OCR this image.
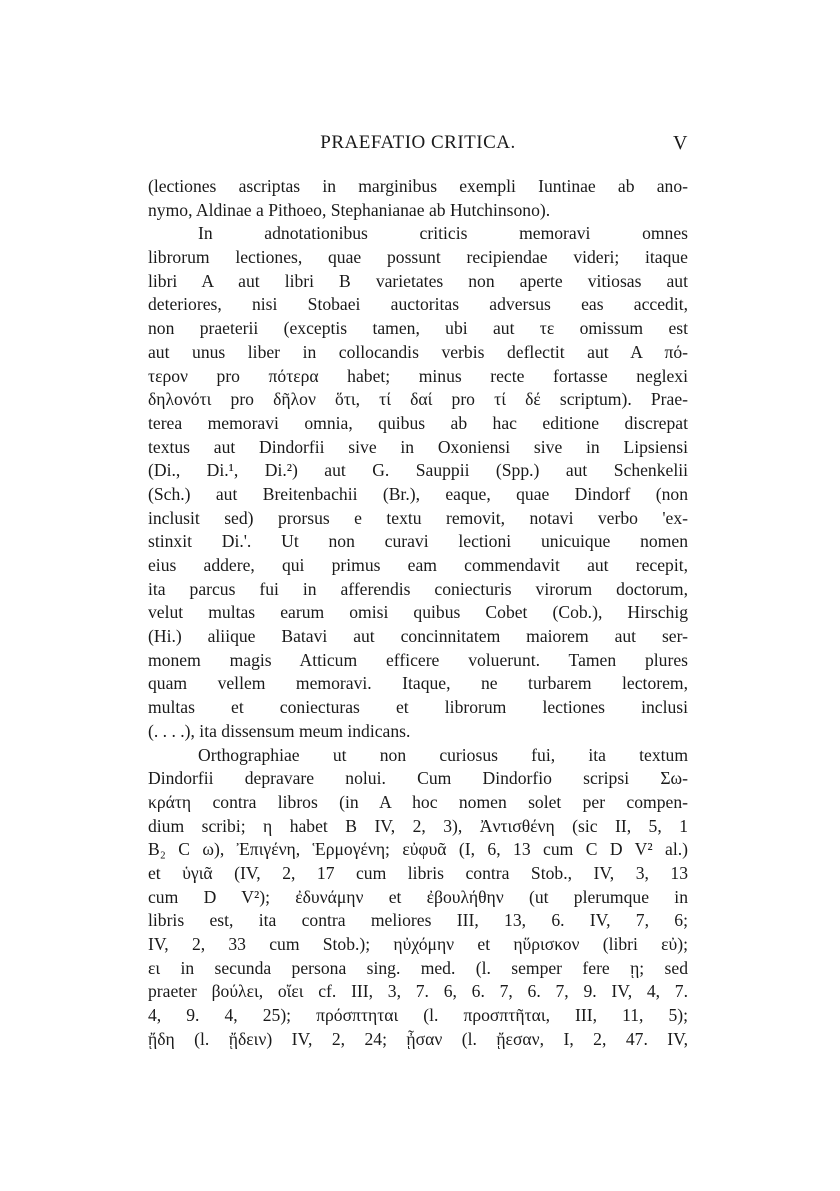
PRAEFATIO CRITICA.	V
(lectiones ascriptas in marginibus exempli Iuntinae ab ano-
nymo, Aldinae a Pithoeo, Stephanianae ab Hutchinsono).
In adnotationibus criticis memoravi omnes
librorum lectiones, quae possunt recipiendae videri; itaque
libri A aut libri B varietates non aperte vitiosas aut
deteriores, nisi Stobaei auctoritas adversus eas accedit,
non praeterii (exceptis tamen, ubi aut τε omissum est
aut unus liber in collocandis verbis deflectit aut A πό-
τερον pro πότερα habet; minus recte fortasse neglexi
δηλονότι pro δῆλον ὅτι, τί δαί pro τί δέ scriptum). Prae-
terea memoravi omnia, quibus ab hac editione discrepat
textus aut Dindorfii sive in Oxoniensi sive in Lipsiensi
(Di., Di.¹, Di.²) aut G. Sauppii (Spp.) aut Schenkelii
(Sch.) aut Breitenbachii (Br.), eaque, quae Dindorf (non
inclusit sed) prorsus e textu removit, notavi verbo 'ex-
stinxit Di.'. Ut non curavi lectioni unicuique nomen
eius addere, qui primus eam commendavit aut recepit,
ita parcus fui in afferendis coniecturis virorum doctorum,
velut multas earum omisi quibus Cobet (Cob.), Hirschig
(Hi.) aliique Batavi aut concinnitatem maiorem aut ser-
monem magis Atticum efficere voluerunt. Tamen plures
quam vellem memoravi. Itaque, ne turbarem lectorem,
multas et coniecturas et librorum lectiones inclusi
(. . . .), ita dissensum meum indicans.
Orthographiae ut non curiosus fui, ita textum
Dindorfii depravare nolui. Cum Dindorfio scripsi Σω-
κράτη contra libros (in A hoc nomen solet per compen-
dium scribi; η habet B IV, 2, 3), Ἀντισθένη (sic II, 5, 1
B₂ C ω), Ἐπιγένη, Ἑρμογένη; εὐφυᾶ (I, 6, 13 cum C D V² al.)
et ὑγιᾶ (IV, 2, 17 cum libris contra Stob., IV, 3, 13
cum D V²); ἐδυνάμην et ἐβουλήθην (ut plerumque in
libris est, ita contra meliores III, 13, 6. IV, 7, 6;
IV, 2, 33 cum Stob.); ηὐχόμην et ηὕρισκον (libri εὐ);
ει in secunda persona sing. med. (l. semper fere ῃ; sed
praeter βούλει, οἴει cf. III, 3, 7. 6, 6. 7, 6. 7, 9. IV, 4, 7.
4, 9. 4, 25); πρόσπτηται (l. προσπτῆται, III, 11, 5);
ᾔδη (l. ᾔδειν) IV, 2, 24; ᾖσαν (l. ᾔεσαν, I, 2, 47. IV,
